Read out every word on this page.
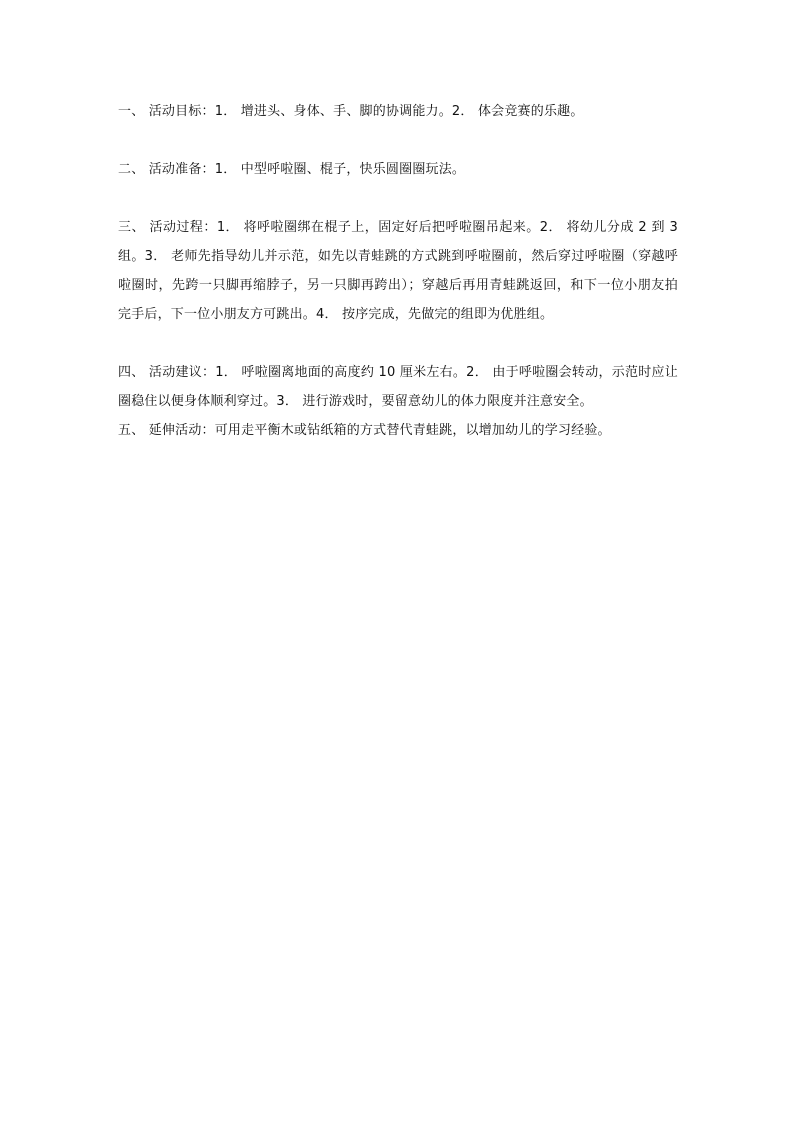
一、 活动目标：1． 增进头、身体、手、脚的协调能力。2． 体会竞赛的乐趣。

二、 活动准备：1． 中型呼啦圈、棍子，快乐圆圈圈玩法。

三、 活动过程：1． 将呼啦圈绑在棍子上，固定好后把呼啦圈吊起来。2． 将幼儿分成 2 到 3 组。3． 老师先指导幼儿并示范，如先以青蛙跳的方式跳到呼啦圈前，然后穿过呼啦圈（穿越呼啦圈时，先跨一只脚再缩脖子，另一只脚再跨出）；穿越后再用青蛙跳返回，和下一位小朋友拍完手后，下一位小朋友方可跳出。4． 按序完成，先做完的组即为优胜组。

四、 活动建议：1． 呼啦圈离地面的高度约 10 厘米左右。2． 由于呼啦圈会转动，示范时应让圈稳住以便身体顺利穿过。3． 进行游戏时，要留意幼儿的体力限度并注意安全。

五、 延伸活动：可用走平衡木或钻纸箱的方式替代青蛙跳，以增加幼儿的学习经验。
